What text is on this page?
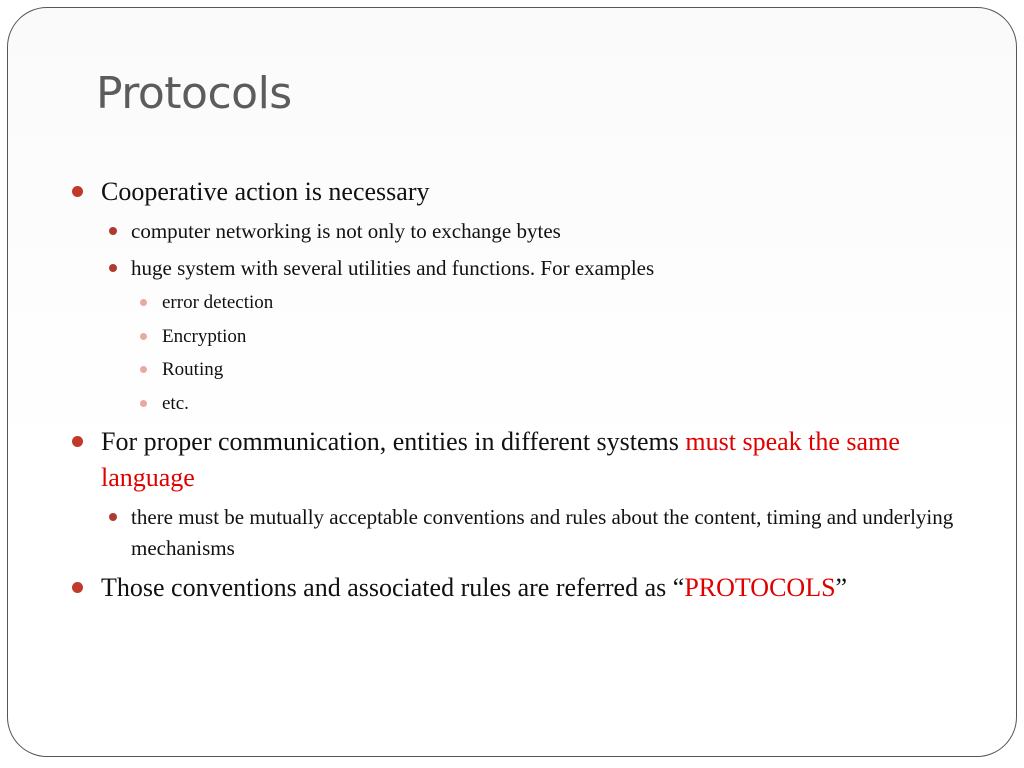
Protocols
Cooperative action is necessary
computer networking is not only to exchange bytes
huge system with several utilities and functions. For examples
error detection
Encryption
Routing
etc.
For proper communication, entities in different systems must speak the same language
there must be mutually acceptable conventions and rules about the content, timing and underlying mechanisms
Those conventions and associated rules are referred as “PROTOCOLS”
